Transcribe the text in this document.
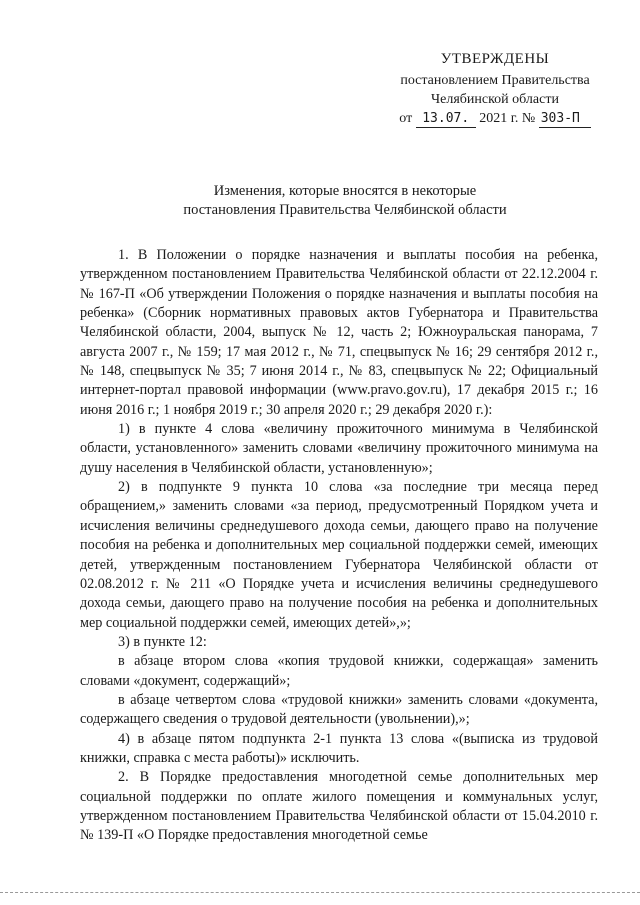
УТВЕРЖДЕНЫ
постановлением Правительства
Челябинской области
от 13.07. 2021 г. № 303-П
Изменения, которые вносятся в некоторые
постановления Правительства Челябинской области

1. В Положении о порядке назначения и выплаты пособия на ребенка, утвержденном постановлением Правительства Челябинской области от 22.12.2004 г. № 167-П «Об утверждении Положения о порядке назначения и выплаты пособия на ребенка» (Сборник нормативных правовых актов Губернатора и Правительства Челябинской области, 2004, выпуск № 12, часть 2; Южноуральская панорама, 7 августа 2007 г., № 159; 17 мая 2012 г., № 71, спецвыпуск № 16; 29 сентября 2012 г., № 148, спецвыпуск № 35; 7 июня 2014 г., № 83, спецвыпуск № 22; Официальный интернет-портал правовой информации (www.pravo.gov.ru), 17 декабря 2015 г.; 16 июня 2016 г.; 1 ноября 2019 г.; 30 апреля 2020 г.; 29 декабря 2020 г.):

1) в пункте 4 слова «величину прожиточного минимума в Челябинской области, установленного» заменить словами «величину прожиточного минимума на душу населения в Челябинской области, установленную»;

2) в подпункте 9 пункта 10 слова «за последние три месяца перед обращением,» заменить словами «за период, предусмотренный Порядком учета и исчисления величины среднедушевого дохода семьи, дающего право на получение пособия на ребенка и дополнительных мер социальной поддержки семей, имеющих детей, утвержденным постановлением Губернатора Челябинской области от 02.08.2012 г. № 211 «О Порядке учета и исчисления величины среднедушевого дохода семьи, дающего право на получение пособия на ребенка и дополнительных мер социальной поддержки семей, имеющих детей»,»;

3) в пункте 12:

в абзаце втором слова «копия трудовой книжки, содержащая» заменить словами «документ, содержащий»;

в абзаце четвертом слова «трудовой книжки» заменить словами «документа, содержащего сведения о трудовой деятельности (увольнении),»;

4) в абзаце пятом подпункта 2-1 пункта 13 слова «(выписка из трудовой книжки, справка с места работы)» исключить.

2. В Порядке предоставления многодетной семье дополнительных мер социальной поддержки по оплате жилого помещения и коммунальных услуг, утвержденном постановлением Правительства Челябинской области от 15.04.2010 г. № 139-П «О Порядке предоставления многодетной семье
